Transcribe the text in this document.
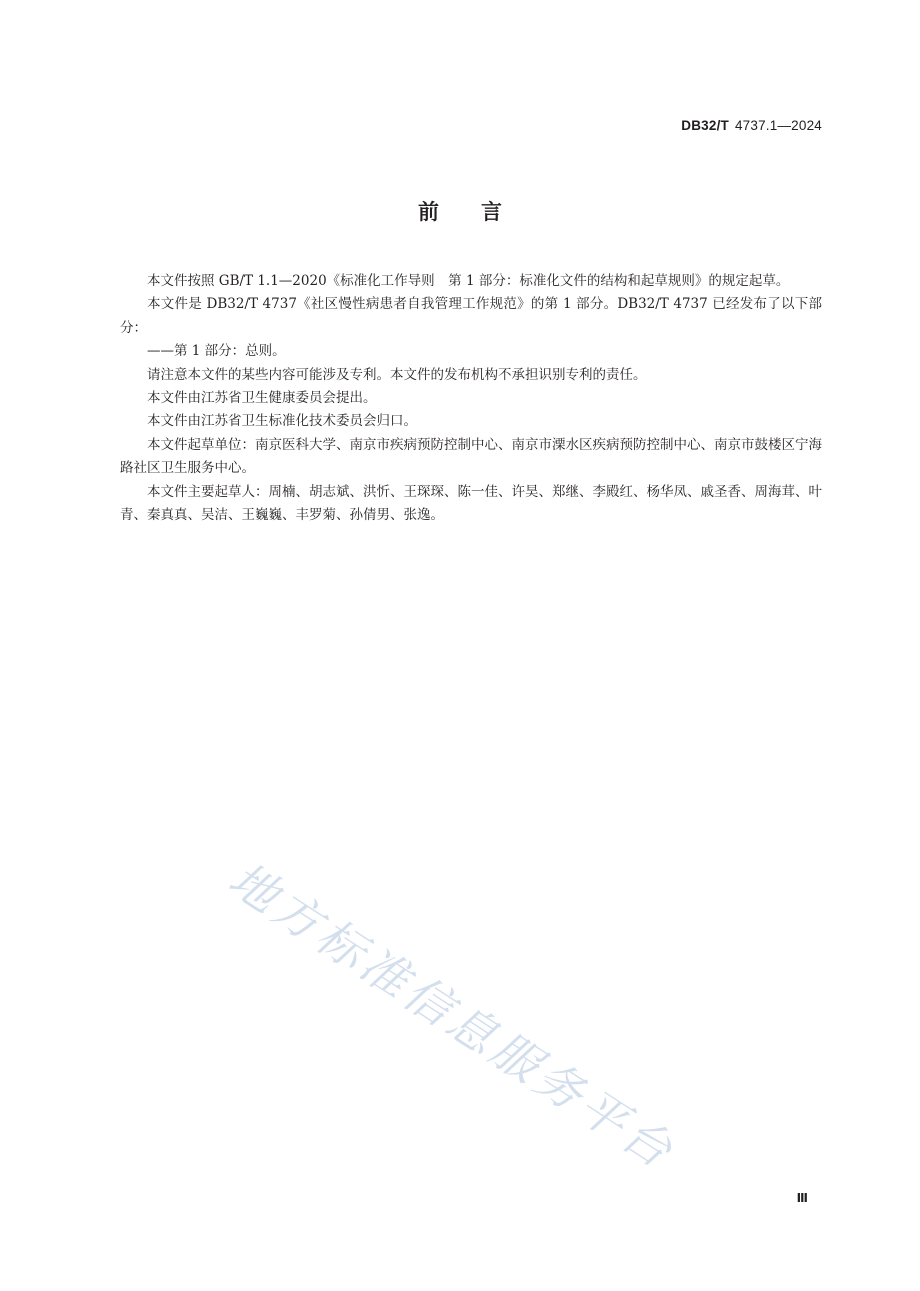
DB32/T 4737.1—2024
前 言

本文件按照 GB/T 1.1—2020《标准化工作导则　第 1 部分：标准化文件的结构和起草规则》的规定起草。

本文件是 DB32/T 4737《社区慢性病患者自我管理工作规范》的第 1 部分。DB32/T 4737 已经发布了以下部分：

——第 1 部分：总则。

请注意本文件的某些内容可能涉及专利。本文件的发布机构不承担识别专利的责任。

本文件由江苏省卫生健康委员会提出。

本文件由江苏省卫生标准化技术委员会归口。

本文件起草单位：南京医科大学、南京市疾病预防控制中心、南京市溧水区疾病预防控制中心、南京市鼓楼区宁海路社区卫生服务中心。

本文件主要起草人：周楠、胡志斌、洪忻、王琛琛、陈一佳、许昊、郑继、李殿红、杨华凤、戚圣香、周海茸、叶青、秦真真、吴洁、王巍巍、丰罗菊、孙倩男、张逸。

地方标准信息服务平台
Ⅲ
